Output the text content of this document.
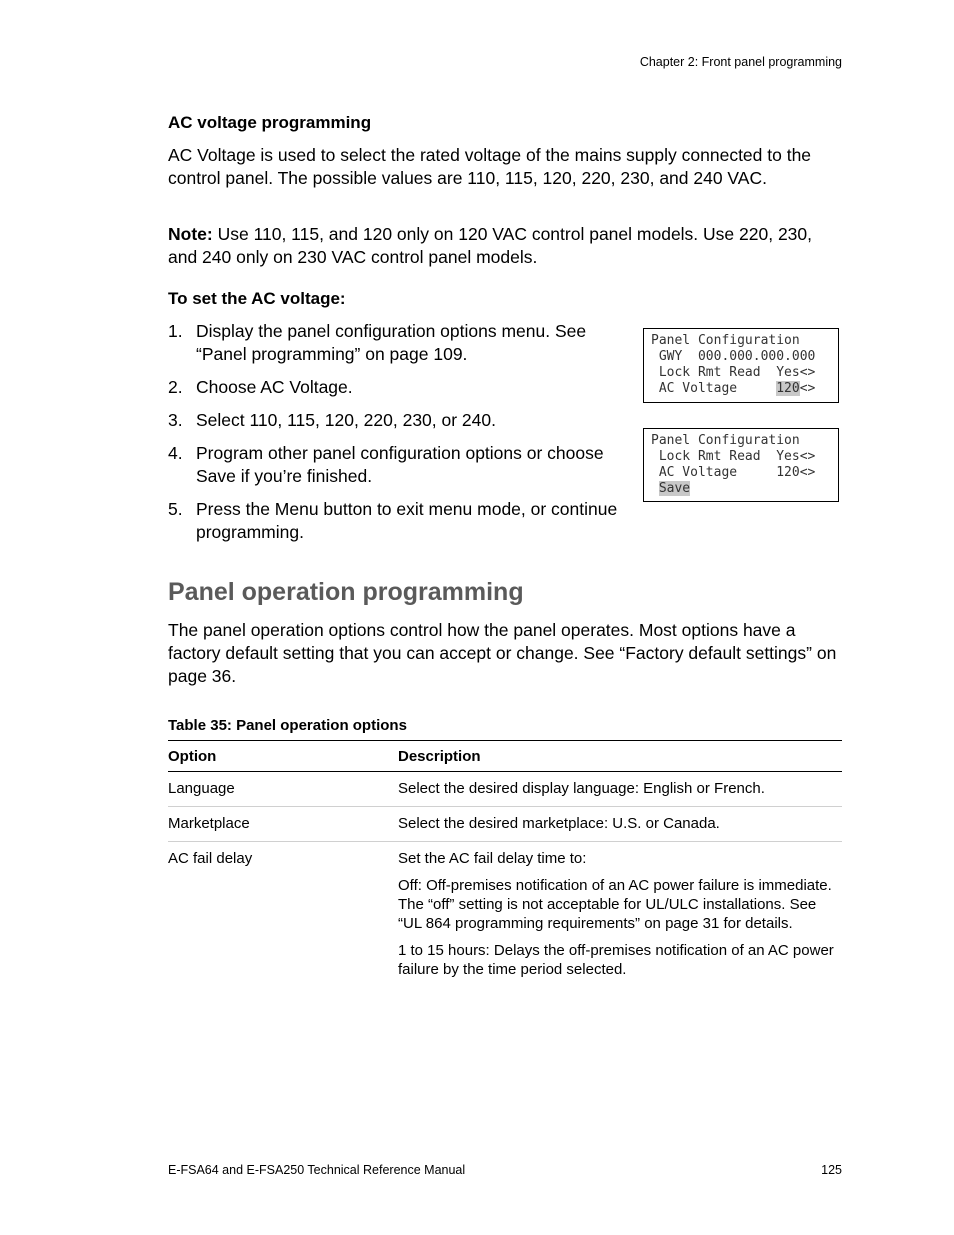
Chapter 2: Front panel programming
AC voltage programming
AC Voltage is used to select the rated voltage of the mains supply connected to the control panel. The possible values are 110, 115, 120, 220, 230, and 240 VAC.
Note: Use 110, 115, and 120 only on 120 VAC control panel models. Use 220, 230, and 240 only on 230 VAC control panel models.
To set the AC voltage:
1. Display the panel configuration options menu. See “Panel programming” on page 109.
2. Choose AC Voltage.
3. Select 110, 115, 120, 220, 230, or 240.
4. Program other panel configuration options or choose Save if you’re finished.
5. Press the Menu button to exit menu mode, or continue programming.
Panel Configuration
GWY  000.000.000.000
Lock Rmt Read  Yes<>
AC Voltage     120<>
Panel Configuration
Lock Rmt Read  Yes<>
AC Voltage     120<>
Save
Panel operation programming
The panel operation options control how the panel operates. Most options have a factory default setting that you can accept or change. See “Factory default settings” on page 36.
Table 35: Panel operation options
Option	Description
Language	Select the desired display language: English or French.

Marketplace	Select the desired marketplace: U.S. or Canada.

AC fail delay	Set the AC fail delay time to:

Off: Off-premises notification of an AC power failure is immediate. The “off” setting is not acceptable for UL/ULC installations. See “UL 864 programming requirements” on page 31 for details.

1 to 15 hours: Delays the off-premises notification of an AC power failure by the time period selected.

E-FSA64 and E-FSA250 Technical Reference Manual	125
